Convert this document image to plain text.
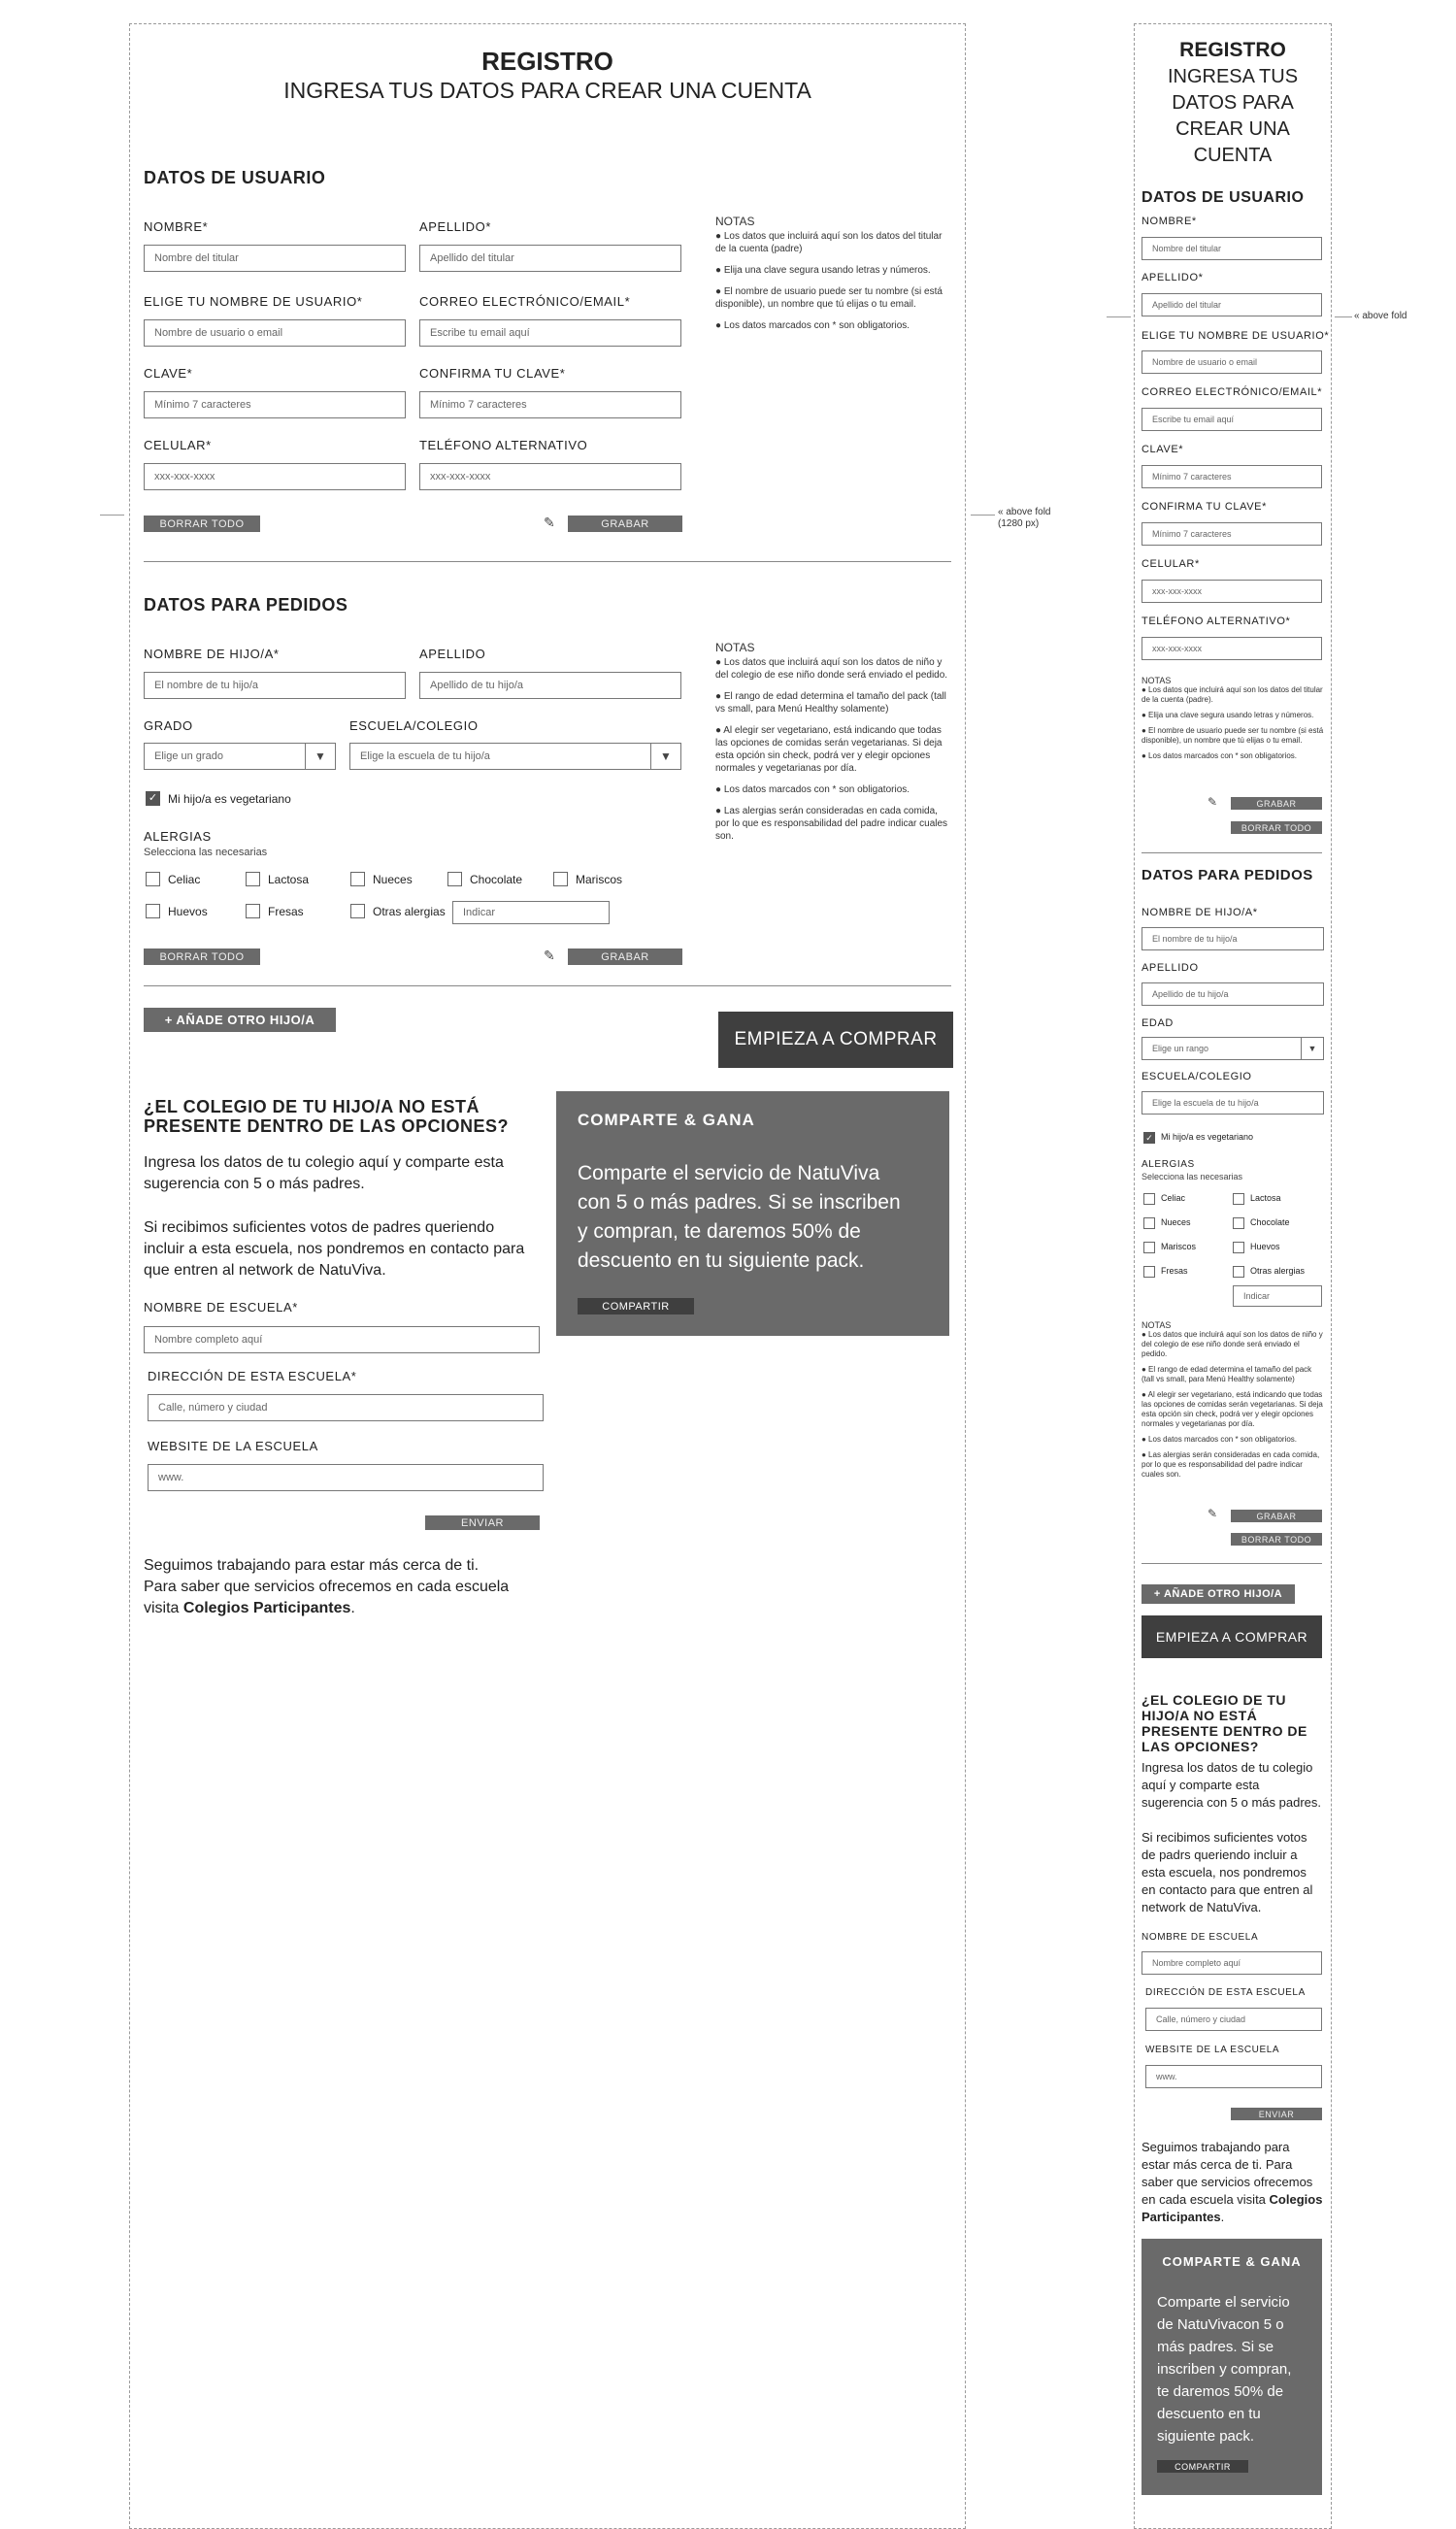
REGISTRO
INGRESA TUS DATOS PARA CREAR UNA CUENTA
« above fold
(1280 px)
DATOS DE USUARIO
NOMBRE*
Nombre del titular
APELLIDO*
Apellido del titular
ELIGE TU NOMBRE DE USUARIO*
Nombre de usuario o email
CORREO ELECTRÓNICO/EMAIL*
Escribe tu email aquí
CLAVE*
Mínimo 7 caracteres
CONFIRMA TU CLAVE*
Mínimo 7 caracteres
CELULAR*
xxx-xxx-xxxx
TELÉFONO ALTERNATIVO
xxx-xxx-xxxx
NOTAS

● Los datos que incluirá aquí son los datos del titular de la cuenta (padre)

● Elija una clave segura usando letras y números.

● El nombre de usuario puede ser tu nombre (si está disponible), un nombre que tú elijas o tu email.

● Los datos marcados con * son obligatorios.

BORRAR TODO	✎	GRABAR
DATOS PARA PEDIDOS
NOMBRE DE HIJO/A*
El nombre de tu hijo/a
APELLIDO
Apellido de tu hijo/a
GRADO
Elige un grado	▼
ESCUELA/COLEGIO
Elige la escuela de tu hijo/a	▼
✓ Mi hijo/a es vegetariano
ALERGIAS
Selecciona las necesarias
Celiac	Lactosa	Nueces	Chocolate	Mariscos
Huevos	Fresas	Otras alergias	Indicar
NOTAS

● Los datos que incluirá aquí son los datos de niño y del colegio de ese niño donde será enviado el pedido.

● El rango de edad determina el tamaño del pack (tall vs small, para Menú Healthy solamente)

● Al elegir ser vegetariano, está indicando que todas las opciones de comidas serán vegetarianas. Si deja esta opción sin check, podrá ver y elegir opciones normales y vegetarianas por día.

● Los datos marcados con * son obligatorios.

● Las alergias serán consideradas en cada comida, por lo que es responsabilidad del padre indicar cuales son.

BORRAR TODO	✎	GRABAR
+ AÑADE OTRO HIJO/A
EMPIEZA A COMPRAR
¿EL COLEGIO DE TU HIJO/A NO ESTÁ
PRESENTE DENTRO DE LAS OPCIONES?
Ingresa los datos de tu colegio aquí y comparte esta
sugerencia con 5 o más padres.
Si recibimos suficientes votos de padres queriendo
incluir a esta escuela, nos pondremos en contacto para
que entren al network de NatuViva.
NOMBRE DE ESCUELA*
Nombre completo aquí
DIRECCIÓN DE ESTA ESCUELA*
Calle, número y ciudad
WEBSITE DE LA ESCUELA
www.
ENVIAR
Seguimos trabajando para estar más cerca de ti.
Para saber que servicios ofrecemos en cada escuela
visita Colegios Participantes.
COMPARTE & GANA
Comparte el servicio de NatuViva
con 5 o más padres. Si se inscriben
y compran, te daremos 50% de
descuento en tu siguiente pack.
COMPARTIR
« above fold
REGISTRO
INGRESA TUS
DATOS PARA
CREAR UNA
CUENTA
DATOS DE USUARIO
NOMBRE*
Nombre del titular
APELLIDO*
Apellido del titular
ELIGE TU NOMBRE DE USUARIO*
Nombre de usuario o email
CORREO ELECTRÓNICO/EMAIL*
Escribe tu email aquí
CLAVE*
Mínimo 7 caracteres
CONFIRMA TU CLAVE*
Mínimo 7 caracteres
CELULAR*
xxx-xxx-xxxx
TELÉFONO ALTERNATIVO*
xxx-xxx-xxxx
NOTAS

● Los datos que incluirá aquí son los datos del titular de la cuenta (padre).

● Elija una clave segura usando letras y números.

● El nombre de usuario puede ser tu nombre (si está disponible), un nombre que tú elijas o tu email.

● Los datos marcados con * son obligatorios.

✎	GRABAR
BORRAR TODO
DATOS PARA PEDIDOS
NOMBRE DE HIJO/A*
El nombre de tu hijo/a
APELLIDO
Apellido de tu hijo/a
EDAD
Elige un rango	▼
ESCUELA/COLEGIO
Elige la escuela de tu hijo/a
✓ Mi hijo/a es vegetariano
ALERGIAS
Selecciona las necesarias
Celiac	Lactosa
Nueces	Chocolate
Mariscos	Huevos
Fresas	Otras alergias
Indicar
NOTAS

● Los datos que incluirá aquí son los datos de niño y del colegio de ese niño donde será enviado el pedido.

● El rango de edad determina el tamaño del pack (tall vs small, para Menú Healthy solamente)

● Al elegir ser vegetariano, está indicando que todas las opciones de comidas serán vegetarianas. Si deja esta opción sin check, podrá ver y elegir opciones normales y vegetarianas por día.

● Los datos marcados con * son obligatorios.

● Las alergias serán consideradas en cada comida, por lo que es responsabilidad del padre indicar cuales son.

✎	GRABAR
BORRAR TODO
+ AÑADE OTRO HIJO/A
EMPIEZA A COMPRAR
¿EL COLEGIO DE TU
HIJO/A NO ESTÁ
PRESENTE DENTRO DE
LAS OPCIONES?
Ingresa los datos de tu colegio
aquí y comparte esta
sugerencia con 5 o más padres.
Si recibimos suficientes votos
de padrs queriendo incluir a
esta escuela, nos pondremos
en contacto para que entren al
network de NatuViva.
NOMBRE DE ESCUELA
Nombre completo aquí
DIRECCIÓN DE ESTA ESCUELA
Calle, número y ciudad
WEBSITE DE LA ESCUELA
www.
ENVIAR
Seguimos trabajando para
estar más cerca de ti. Para
saber que servicios ofrecemos
en cada escuela visita Colegios
Participantes.
COMPARTE & GANA
Comparte el servicio
de NatuVivacon 5 o
más padres. Si se
inscriben y compran,
te daremos 50% de
descuento en tu
siguiente pack.
COMPARTIR
